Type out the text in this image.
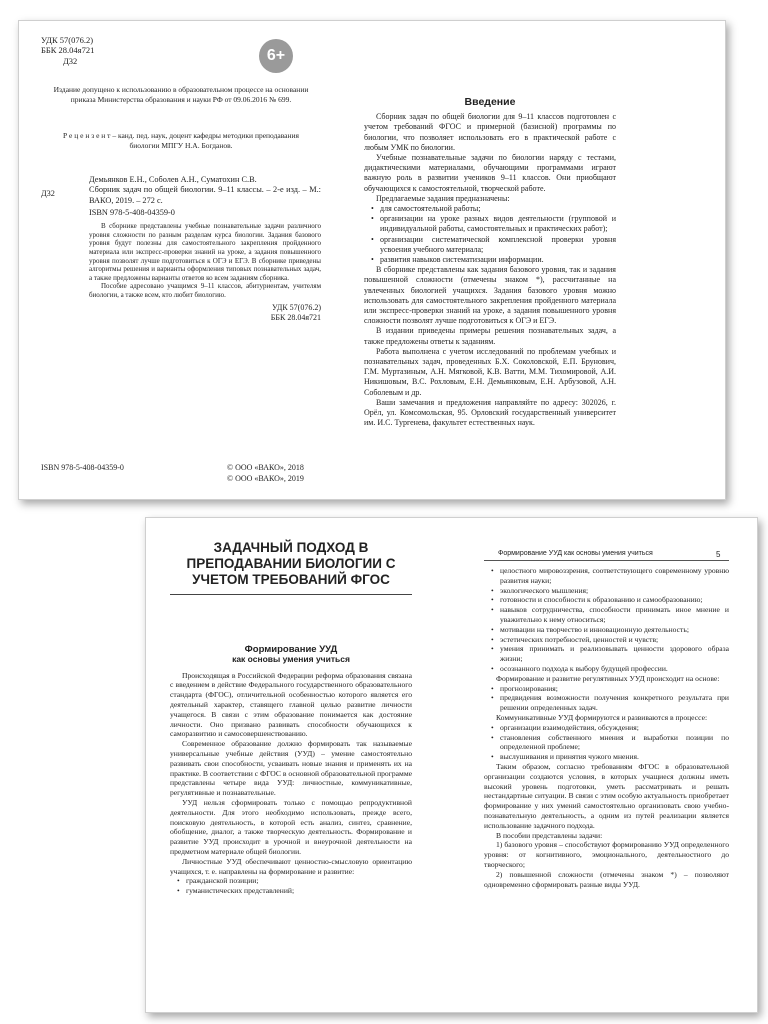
УДК 57(076.2)
ББК 28.04я721
Д32	6+

Издание допущено к использованию в образовательном процессе на основании приказа Министерства образования и науки РФ от 09.06.2016 № 699.

Р е ц е н з е н т – канд. пед. наук, доцент кафедры методики преподавания биологии МПГУ Н.А. Богданов.

Демьянков Е.Н., Соболев А.Н., Суматохин С.В.
Д32	Сборник задач по общей биологии. 9–11 классы. – 2-е изд. – М.: ВАКО, 2019. – 272 с.

ISBN 978-5-408-04359-0

В сборнике представлены учебные познавательные задачи различного уровня сложности по разным разделам курса биологии. Задания базового уровня будут полезны для самостоятельного закрепления пройденного материала или экспресс-проверки знаний на уроке, а задания повышенного уровня позволят лучше подготовиться к ОГЭ и ЕГЭ. В сборнике приведены алгоритмы решения и варианты оформления типовых познавательных задач, а также предложены варианты ответов ко всем заданиям сборника.

Пособие адресовано учащимся 9–11 классов, абитуриентам, учителям биологии, а также всем, кто любит биологию.

УДК 57(076.2)
ББК 28.04я721
ISBN 978-5-408-04359-0	© ООО «ВАКО», 2018
© ООО «ВАКО», 2019
Введение

Сборник задач по общей биологии для 9–11 классов подготовлен с учетом требований ФГОС и примерной (базисной) программы по биологии, что позволяет использовать его в практической работе с любым УМК по биологии.

Учебные познавательные задачи по биологии наряду с тестами, дидактическими материалами, обучающими программами играют важную роль в развитии учеников 9–11 классов. Они приобщают обучающихся к самостоятельной, творческой работе.

Предлагаемые задания предназначены:

• для самостоятельной работы;
• организации на уроке разных видов деятельности (групповой и индивидуальной работы, самостоятельных и практических работ);
• организации систематической комплексной проверки уровня усвоения учебного материала;
• развития навыков систематизации информации.

В сборнике представлены как задания базового уровня, так и задания повышенной сложности (отмечены знаком *), рассчитанные на увлеченных биологией учащихся. Задания базового уровня можно использовать для самостоятельного закрепления пройденного материала или экспресс-проверки знаний на уроке, а задания повышенного уровня сложности позволят лучше подготовиться к ОГЭ и ЕГЭ.

В издании приведены примеры решения познавательных задач, а также предложены ответы к заданиям.

Работа выполнена с учетом исследований по проблемам учебных и познавательных задач, проведенных Б.Х. Соколовской, Е.П. Брунович, Г.М. Муртазиным, А.Н. Мягковой, К.В. Ватти, М.М. Тихомировой, А.И. Никишовым, В.С. Рохловым, Е.Н. Демьянковым, Е.Н. Арбузовой, А.Н. Соболевым и др.

Ваши замечания и предложения направляйте по адресу: 302026, г. Орёл, ул. Комсомольская, 95. Орловский государственный университет им. И.С. Тургенева, факультет естественных наук.

ЗАДАЧНЫЙ ПОДХОД В ПРЕПОДАВАНИИ БИОЛОГИИ С УЧЕТОМ ТРЕБОВАНИЙ ФГОС
Формирование УУД
как основы умения учиться

Происходящая в Российской Федерации реформа образования связана с введением в действие Федерального государственного образовательного стандарта (ФГОС), отличительной особенностью которого является его деятельный характер, ставящего главной целью развитие личности учащегося. В связи с этим образование понимается как достояние личности. Оно призвано развивать способности обучающихся к саморазвитию и самосовершенствованию.

Современное образование должно формировать так называемые универсальные учебные действия (УУД) – умение самостоятельно развивать свои способности, усваивать новые знания и применять их на практике. В соответствии с ФГОС в основной образовательной программе представлены четыре вида УУД: личностные, коммуникативные, регулятивные и познавательные.

УУД нельзя сформировать только с помощью репродуктивной деятельности. Для этого необходимо использовать, прежде всего, поисковую деятельность, в которой есть анализ, синтез, сравнение, обобщение, диалог, а также творческую деятельность. Формирование и развитие УУД происходит в урочной и внеурочной деятельности на предметном материале общей биологии.

Личностные УУД обеспечивают ценностно-смысловую ориентацию учащихся, т. е. направлены на формирование и развитие:

• гражданской позиции;
• гуманистических представлений;
Формирование УУД как основы умения учиться	5
• целостного мировоззрения, соответствующего современному уровню развития науки;
• экологического мышления;
• готовности и способности к образованию и самообразованию;
• навыков сотрудничества, способности принимать иное мнение и уважительно к нему относиться;
• мотивации на творчество и инновационную деятельность;
• эстетических потребностей, ценностей и чувств;
• умения принимать и реализовывать ценности здорового образа жизни;
• осознанного подхода к выбору будущей профессии.

Формирование и развитие регулятивных УУД происходит на основе:

• прогнозирования;
• предвидения возможности получения конкретного результата при решении определенных задач.

Коммуникативные УУД формируются и развиваются в процессе:

• организации взаимодействия, обсуждения;
• становления собственного мнения и выработки позиции по определенной проблеме;
• выслушивания и принятия чужого мнения.

Таким образом, согласно требованиям ФГОС в образовательной организации создаются условия, в которых учащиеся должны иметь высокий уровень подготовки, уметь рассматривать и решать нестандартные ситуации. В связи с этим особую актуальность приобретает формирование у них умений самостоятельно организовать свою учебно-познавательную деятельность, а одним из путей реализации является использование задачного подхода.

В пособии представлены задачи:

1) базового уровня – способствуют формированию УУД определенного уровня: от когнитивного, эмоционального, деятельностного до творческого;

2) повышенной сложности (отмечены знаком *) – позволяют одновременно сформировать разные виды УУД.
